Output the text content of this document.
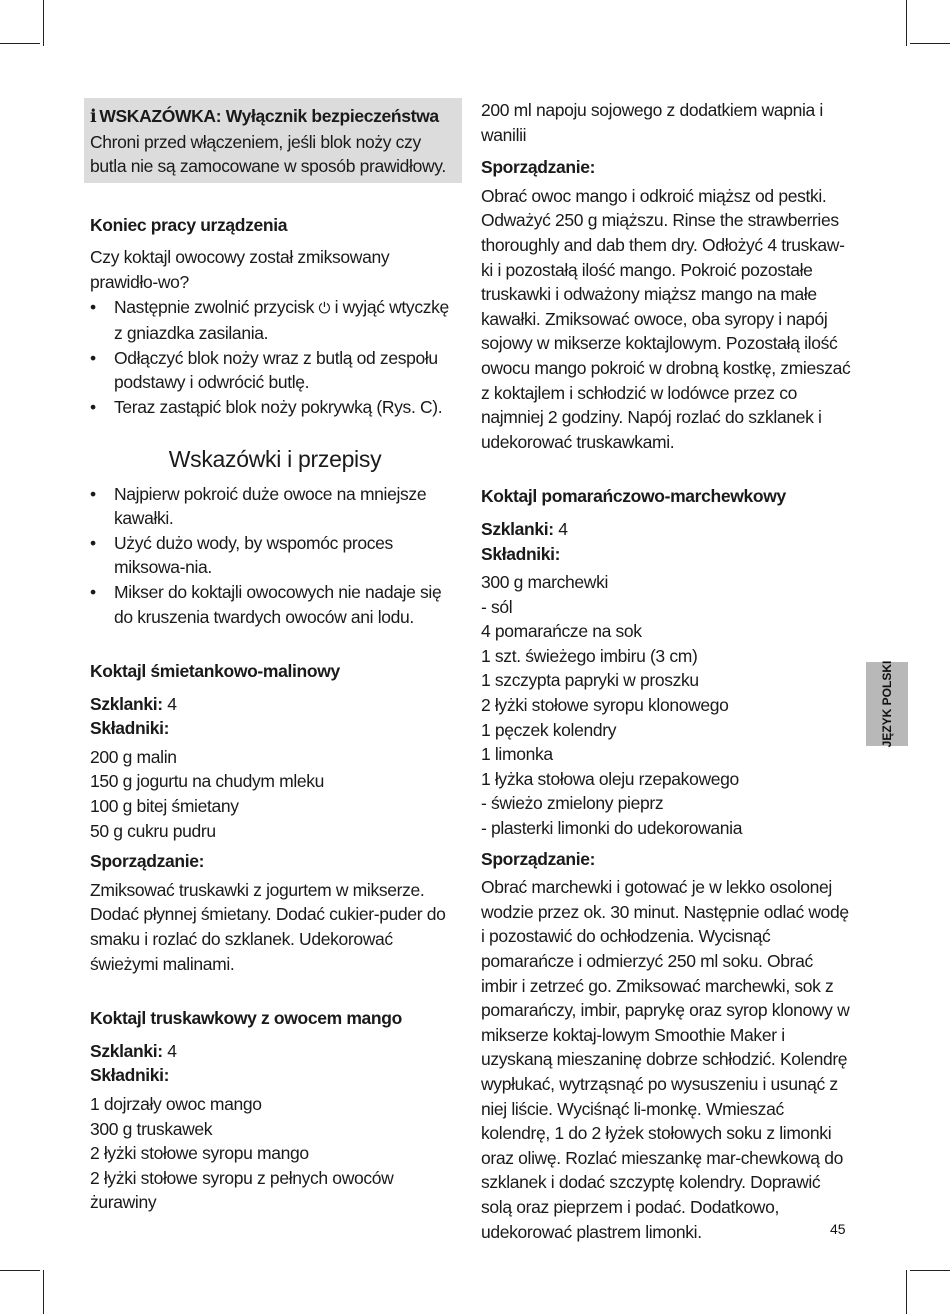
i WSKAZÓWKA: Wyłącznik bezpieczeństwa
Chroni przed włączeniem, jeśli blok noży czy butla nie są zamocowane w sposób prawidłowy.
Koniec pracy urządzenia

Czy koktajl owocowy został zmiksowany prawidło-wo?

• Następnie zwolnić przycisk ⏻ i wyjąć wtyczkę z gniazdka zasilania.
• Odłączyć blok noży wraz z butlą od zespołu podstawy i odwrócić butlę.
• Teraz zastąpić blok noży pokrywką (Rys. C).
Wskazówki i przepisy
• Najpierw pokroić duże owoce na mniejsze kawałki.
• Użyć dużo wody, by wspomóc proces miksowa-nia.
• Mikser do koktajli owocowych nie nadaje się do kruszenia twardych owoców ani lodu.
Koktajl śmietankowo-malinowy

Szklanki: 4

Składniki:

200 g malin

150 g jogurtu na chudym mleku

100 g bitej śmietany

50 g cukru pudru

Sporządzanie:

Zmiksować truskawki z jogurtem w mikserze. Dodać płynnej śmietany. Dodać cukier-puder do smaku i rozlać do szklanek. Udekorować świeżymi malinami.

Koktajl truskawkowy z owocem mango

Szklanki: 4

Składniki:

1 dojrzały owoc mango

300 g truskawek

2 łyżki stołowe syropu mango

2 łyżki stołowe syropu z pełnych owoców żurawiny

200 ml napoju sojowego z dodatkiem wapnia i wanilii

Sporządzanie:

Obrać owoc mango i odkroić miąższ od pestki. Odważyć 250 g miąższu. Rinse the strawberries thoroughly and dab them dry. Odłożyć 4 truskaw-ki i pozostałą ilość mango. Pokroić pozostałe truskawki i odważony miąższ mango na małe kawałki. Zmiksować owoce, oba syropy i napój sojowy w mikserze koktajlowym. Pozostałą ilość owocu mango pokroić w drobną kostkę, zmieszać z koktajlem i schłodzić w lodówce przez co najmniej 2 godziny. Napój rozlać do szklanek i udekorować truskawkami.

Koktajl pomarańczowo-marchewkowy

Szklanki: 4

Składniki:

300 g marchewki

- sól

4 pomarańcze na sok

1 szt. świeżego imbiru (3 cm)

1 szczypta papryki w proszku

2 łyżki stołowe syropu klonowego

1 pęczek kolendry

1 limonka

1 łyżka stołowa oleju rzepakowego

- świeżo zmielony pieprz

- plasterki limonki do udekorowania

Sporządzanie:

Obrać marchewki i gotować je w lekko osolonej wodzie przez ok. 30 minut. Następnie odlać wodę i pozostawić do ochłodzenia. Wycisnąć pomarańcze i odmierzyć 250 ml soku. Obrać imbir i zetrzeć go. Zmiksować marchewki, sok z pomarańczy, imbir, paprykę oraz syrop klonowy w mikserze koktaj-lowym Smoothie Maker i uzyskaną mieszaninę dobrze schłodzić. Kolendrę wypłukać, wytrząsnąć po wysuszeniu i usunąć z niej liście. Wyciśnąć li-monkę. Wmieszać kolendrę, 1 do 2 łyżek stołowych soku z limonki oraz oliwę. Rozlać mieszankę mar-chewkową do szklanek i dodać szczyptę kolendry. Doprawić solą oraz pieprzem i podać. Dodatkowo, udekorować plastrem limonki.

JĘZYK POLSKI
45
